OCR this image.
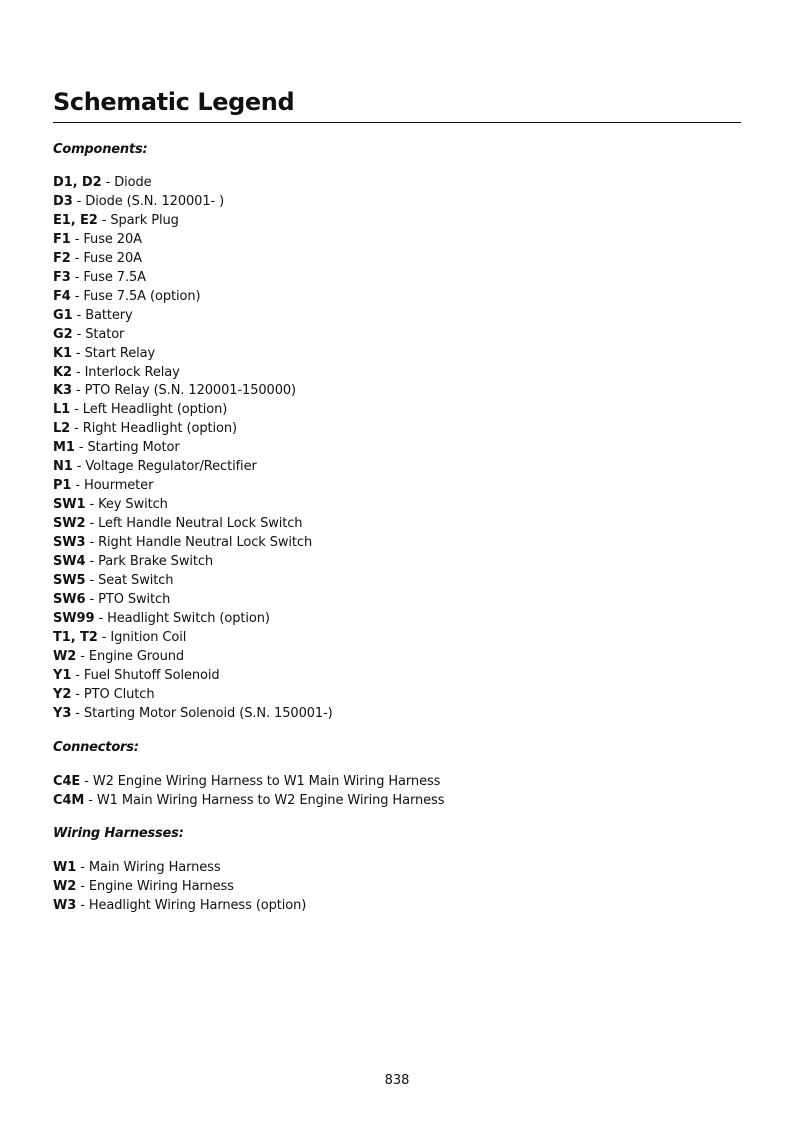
Schematic Legend
Components:
D1, D2 - Diode
D3 - Diode (S.N. 120001- )
E1, E2 - Spark Plug
F1 - Fuse 20A
F2 - Fuse 20A
F3 - Fuse 7.5A
F4 - Fuse 7.5A (option)
G1 - Battery
G2 - Stator
K1 - Start Relay
K2 - Interlock Relay
K3 - PTO Relay (S.N. 120001-150000)
L1 - Left Headlight (option)
L2 - Right Headlight (option)
M1 - Starting Motor
N1 - Voltage Regulator/Rectifier
P1 - Hourmeter
SW1 - Key Switch
SW2 - Left Handle Neutral Lock Switch
SW3 - Right Handle Neutral Lock Switch
SW4 - Park Brake Switch
SW5 - Seat Switch
SW6 - PTO Switch
SW99 - Headlight Switch (option)
T1, T2 - Ignition Coil
W2 - Engine Ground
Y1 - Fuel Shutoff Solenoid
Y2 - PTO Clutch
Y3 - Starting Motor Solenoid (S.N. 150001-)
Connectors:
C4E - W2 Engine Wiring Harness to W1 Main Wiring Harness
C4M - W1 Main Wiring Harness to W2 Engine Wiring Harness
Wiring Harnesses:
W1 - Main Wiring Harness
W2 - Engine Wiring Harness
W3 - Headlight Wiring Harness (option)
838
